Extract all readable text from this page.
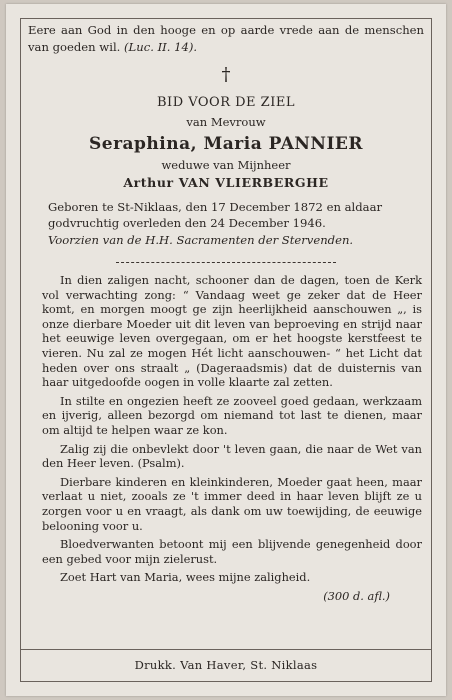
Eere aan God in den hooge en op aarde vrede aan de menschen van goeden wil. (Luc. II. 14).
†
BID VOOR DE ZIEL
van Mevrouw
Seraphina, Maria PANNIER
weduwe van Mijnheer
Arthur VAN VLIERBERGHE
Geboren te St-Niklaas, den 17 December 1872 en aldaar godvruchtig overleden den 24 December 1946.
Voorzien van de H.H. Sacramenten der Stervenden.

In dien zaligen nacht, schooner dan de dagen, toen de Kerk vol verwachting zong: “ Vandaag weet ge zeker dat de Heer komt, en morgen moogt ge zijn heerlijkheid aanschouwen „, is onze dierbare Moeder uit dit leven van beproeving en strijd naar het eeuwige leven overgegaan, om er het hoogste kerstfeest te vieren. Nu zal ze mogen Hét licht aanschouwen- “ het Licht dat heden over ons straalt „ (Dageraadsmis) dat de duisternis van haar uitgedoofde oogen in volle klaarte zal zetten.

In stilte en ongezien heeft ze zooveel goed gedaan, werkzaam en ijverig, alleen bezorgd om niemand tot last te dienen, maar om altijd te helpen waar ze kon.

Zalig zij die onbevlekt door 't leven gaan, die naar de Wet van den Heer leven. (Psalm).

Dierbare kinderen en kleinkinderen, Moeder gaat heen, maar verlaat u niet, zooals ze 't immer deed in haar leven blijft ze u zorgen voor u en vraagt, als dank om uw toewijding, de eeuwige belooning voor u.

Bloedverwanten betoont mij een blijvende genegenheid door een gebed voor mijn zielerust.

Zoet Hart van Maria, wees mijne zaligheid.

(300 d. afl.)
Drukk. Van Haver, St. Niklaas
